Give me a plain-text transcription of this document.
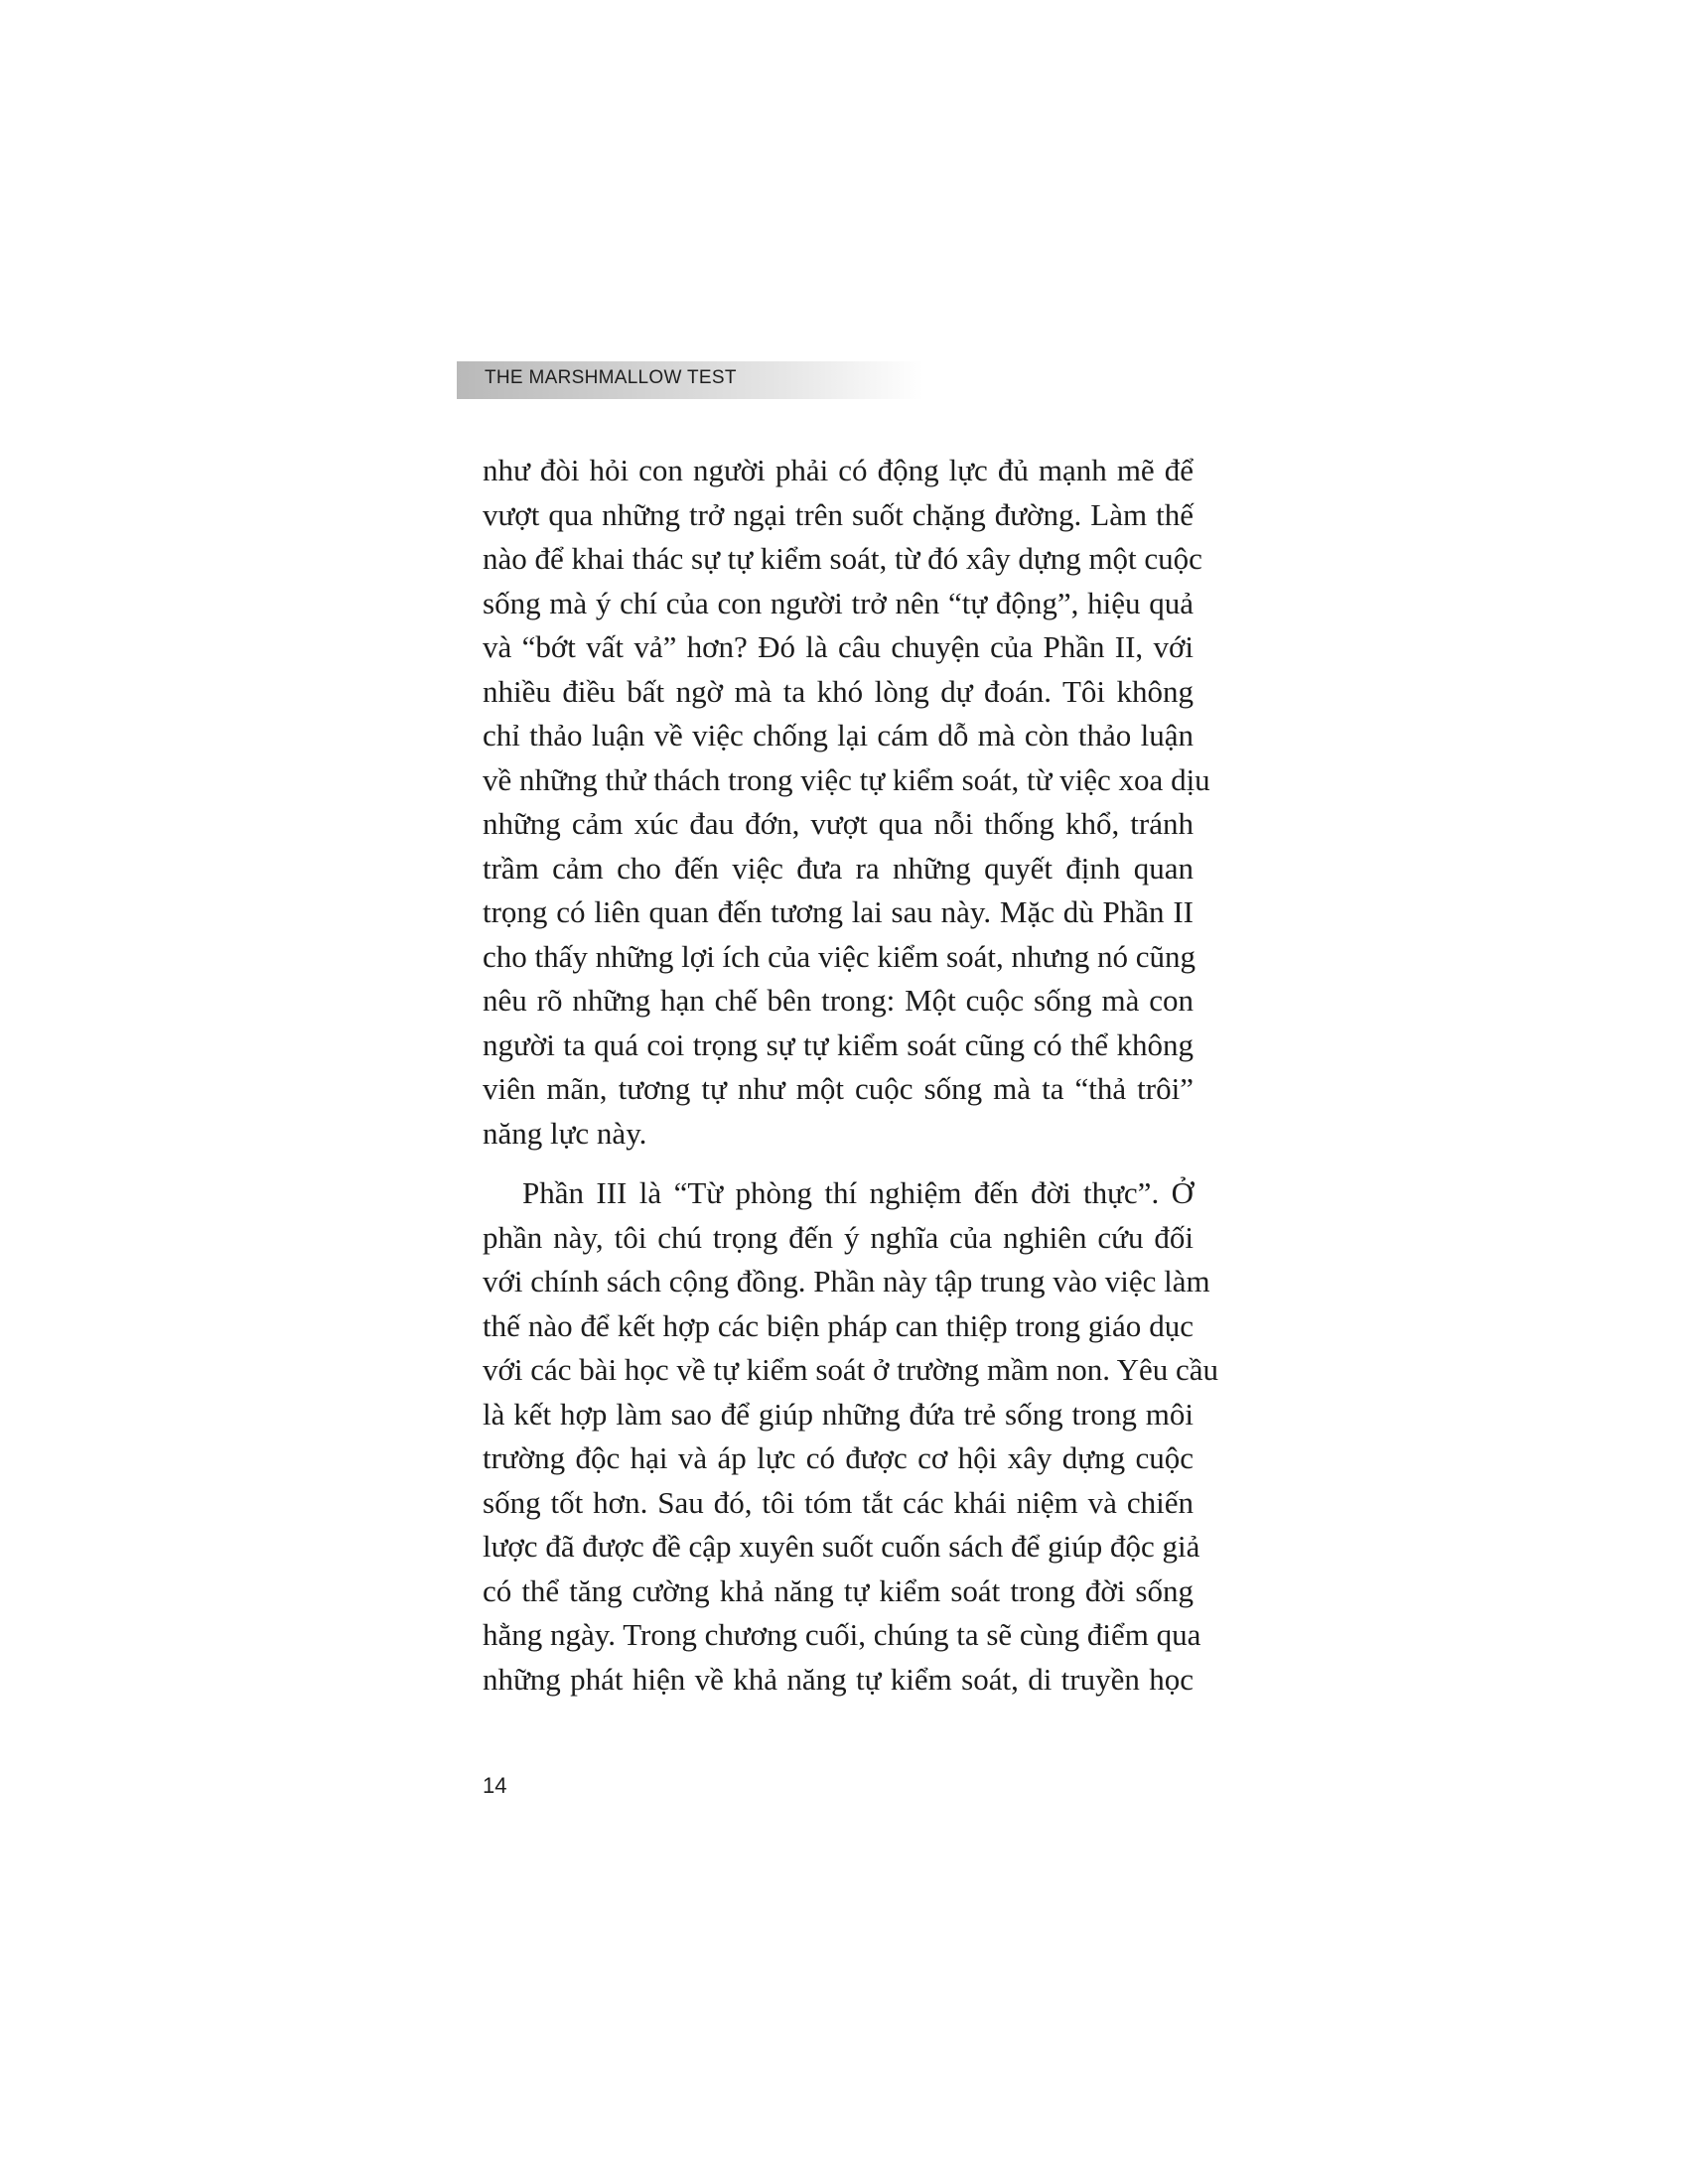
THE MARSHMALLOW TEST
như đòi hỏi con người phải có động lực đủ mạnh mẽ để
vượt qua những trở ngại trên suốt chặng đường. Làm thế
nào để khai thác sự tự kiểm soát, từ đó xây dựng một cuộc
sống mà ý chí của con người trở nên “tự động”, hiệu quả
và “bớt vất vả” hơn? Đó là câu chuyện của Phần II, với
nhiều điều bất ngờ mà ta khó lòng dự đoán. Tôi không
chỉ thảo luận về việc chống lại cám dỗ mà còn thảo luận
về những thử thách trong việc tự kiểm soát, từ việc xoa dịu
những cảm xúc đau đớn, vượt qua nỗi thống khổ, tránh
trầm cảm cho đến việc đưa ra những quyết định quan
trọng có liên quan đến tương lai sau này. Mặc dù Phần II
cho thấy những lợi ích của việc kiểm soát, nhưng nó cũng
nêu rõ những hạn chế bên trong: Một cuộc sống mà con
người ta quá coi trọng sự tự kiểm soát cũng có thể không
viên mãn, tương tự như một cuộc sống mà ta “thả trôi”
năng lực này.
Phần III là “Từ phòng thí nghiệm đến đời thực”. Ở
phần này, tôi chú trọng đến ý nghĩa của nghiên cứu đối
với chính sách cộng đồng. Phần này tập trung vào việc làm
thế nào để kết hợp các biện pháp can thiệp trong giáo dục
với các bài học về tự kiểm soát ở trường mầm non. Yêu cầu
là kết hợp làm sao để giúp những đứa trẻ sống trong môi
trường độc hại và áp lực có được cơ hội xây dựng cuộc
sống tốt hơn. Sau đó, tôi tóm tắt các khái niệm và chiến
lược đã được đề cập xuyên suốt cuốn sách để giúp độc giả
có thể tăng cường khả năng tự kiểm soát trong đời sống
hằng ngày. Trong chương cuối, chúng ta sẽ cùng điểm qua
những phát hiện về khả năng tự kiểm soát, di truyền học
14
